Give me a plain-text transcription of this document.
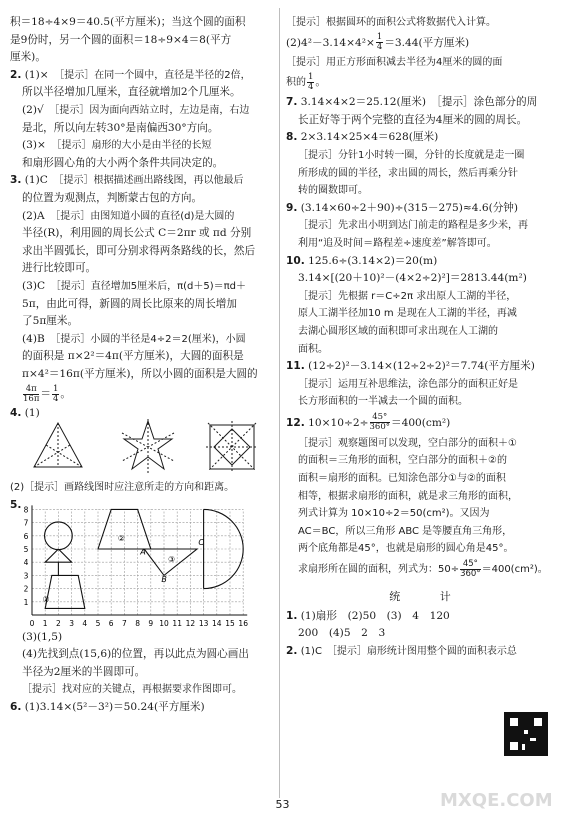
积＝18÷4×9＝40.5(平方厘米)；当这个圆的面积

是9份时，另一个圆的面积＝18÷9×4＝8(平方

厘米)。

2. (1)×　 ［提示］在同一个圆中，直径是半径的2倍，

所以半径增加几厘米，直径就增加2个几厘米。

(2)√　 ［提示］因为面向西站立时，左边是南，右边

是北，所以向左转30°是南偏西30°方向。

(3)×　 ［提示］扇形的大小是由半径的长短

和扇形圆心角的大小两个条件共同决定的。

3. (1)C　 ［提示］根据描述画出路线图，再以他最后

的位置为观测点，判断蒙古包的方向。

(2)A　 ［提示］由图知道小圆的直径(d)是大圆的

半径(R)，利用圆的周长公式 C＝2πr 或 πd 分别

求出半圆弧长，即可分别求得两条路线的长，然后

进行比较即可。

(3)C　 ［提示］直径增加5厘米后，π(d＋5)＝πd＋

5π，由此可得，新圆的周长比原来的周长增加

了5π厘米。

(4)B　 ［提示］小圆的半径是4÷2＝2(厘米)，小圆

的面积是 π×2²＝4π(平方厘米)，大圆的面积是

π×4²＝16π(平方厘米)，所以小圆的面积是大圆的

$\frac{4\pi}{16\pi} = \frac{1}{4}$ 。

4. (1)

(2)［提示］画路线图时应注意所走的方向和距离。

5.
0 1 2 3 4 5 6 7 8 9 10 11 12 13 14 15 16
1
2
3
4
5
6
7
8
A
B
C
②
③
①

(3)(1,5)

(4)先找到点(15,6)的位置，再以此点为圆心画出

半径为2厘米的半圆即可。

［提示］找对应的关键点，再根据要求作图即可。

6. (1)3.14×(5²－3²)＝50.24(平方厘米)

［提示］根据圆环的面积公式将数据代入计算。

$(2)4^2-3.14\times 4^2\times \frac{1}{4} =3.44$(平方厘米)

［提示］用正方形面积减去半径为4厘米的圆的面

积的 $\frac{1}{4}$ 。

7. 3.14×4×2＝25.12(厘米)　［提示］涂色部分的周

长正好等于两个完整的直径为4厘米的圆的周长。

8. 2×3.14×25×4＝628(厘米)

［提示］分针1小时转一圈，分针的长度就是走一圈

所形成的圆的半径，求出圆的周长，然后再乘分针

转的圈数即可。

9. (3.14×60÷2＋90)÷(315－275)≈4.6(分钟)

［提示］先求出小明到达门前走的路程是多少米，再

利用“追及时间＝路程差÷速度差”解答即可。

10. 125.6÷(3.14×2)＝20(m)

3.14×[(20＋10)²－(4×2÷2)²]＝2813.44(m²)

［提示］先根据 r＝C÷2π 求出原人工湖的半径，

原人工湖半径加10 m 是现在人工湖的半径，再减

去湖心圆形区域的面积即可求出现在人工湖的

面积。

11. (12÷2)²－3.14×(12÷2÷2)²＝7.74(平方厘米)

［提示］运用互补思维法，涂色部分的面积正好是

长方形面积的一半减去一个圆的面积。

12. $10\times 10\div 2\div \frac{45^\circ}{360^\circ} =400(cm^2)$

［提示］观察题图可以发现，空白部分的面积＋①

的面积＝三角形的面积，空白部分的面积＋②的

面积＝扇形的面积。已知涂色部分①与②的面积

相等，根据求扇形的面积，就是求三角形的面积，

列式计算为 10×10÷2＝50(cm²)。又因为

AC＝BC，所以三角形 ABC 是等腰直角三角形，

两个底角都是45°，也就是扇形的圆心角是45°。

求扇形所在圆的面积，列式为：$50\div \frac{45^\circ}{360^\circ} =400(cm^2)$。

统 计

1. (1)扇形　(2)50　(3)　4　120

200　(4)5　2　3

2. (1)C　［提示］扇形统计图用整个圆的面积表示总

MXQE.COM
53
